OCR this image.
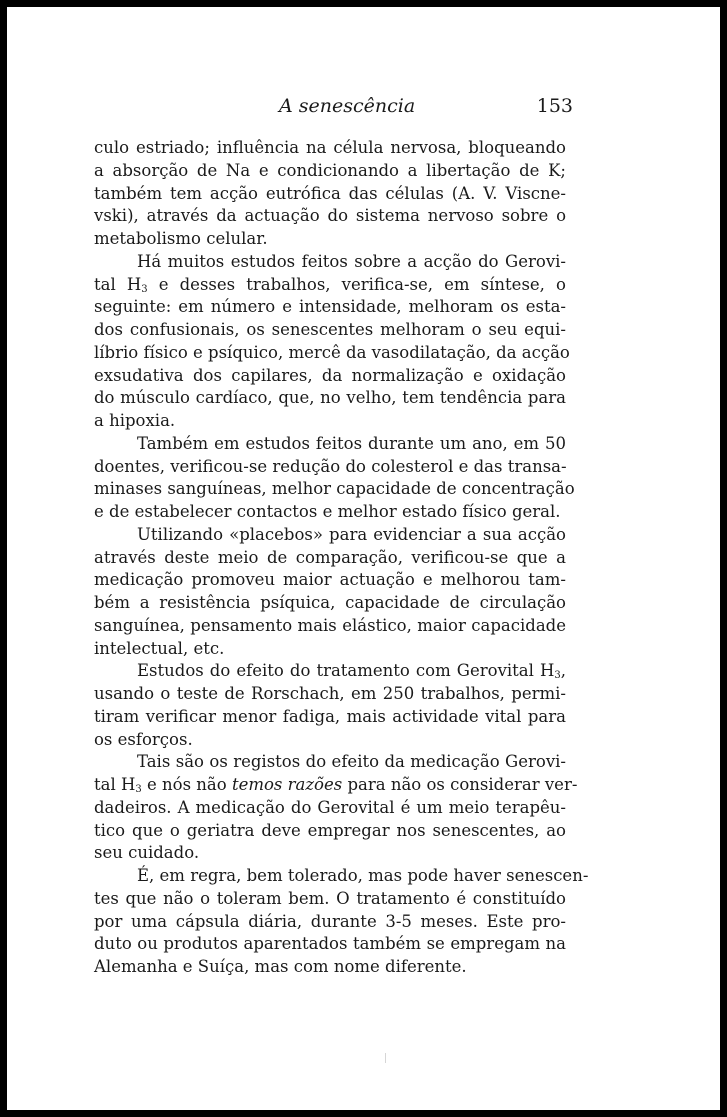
A senescência	153
culo estriado; influência na célula nervosa, bloqueando
a absorção de Na e condicionando a libertação de K;
também tem acção eutrófica das células (A. V. Viscne-
vski), através da actuação do sistema nervoso sobre o
metabolismo celular.
Há muitos estudos feitos sobre a acção do Gerovi-
tal $H_3$ e desses trabalhos, verifica-se, em síntese, o
seguinte: em número e intensidade, melhoram os esta-
dos confusionais, os senescentes melhoram o seu equi-
líbrio físico e psíquico, mercê da vasodilatação, da acção
exsudativa dos capilares, da normalização e oxidação
do músculo cardíaco, que, no velho, tem tendência para
a hipoxia.
Também em estudos feitos durante um ano, em 50
doentes, verificou-se redução do colesterol e das transa-
minases sanguíneas, melhor capacidade de concentração
e de estabelecer contactos e melhor estado físico geral.
Utilizando «placebos» para evidenciar a sua acção
através deste meio de comparação, verificou-se que a
medicação promoveu maior actuação e melhorou tam-
bém a resistência psíquica, capacidade de circulação
sanguínea, pensamento mais elástico, maior capacidade
intelectual, etc.
Estudos do efeito do tratamento com Gerovital $H_3$,
usando o teste de Rorschach, em 250 trabalhos, permi-
tiram verificar menor fadiga, mais actividade vital para
os esforços.
Tais são os registos do efeito da medicação Gerovi-
tal $H_3$ e nós não temos razões para não os considerar ver-
dadeiros. A medicação do Gerovital é um meio terapêu-
tico que o geriatra deve empregar nos senescentes, ao
seu cuidado.
É, em regra, bem tolerado, mas pode haver senescen-
tes que não o toleram bem. O tratamento é constituído
por uma cápsula diária, durante 3-5 meses. Este pro-
duto ou produtos aparentados também se empregam na
Alemanha e Suíça, mas com nome diferente.
